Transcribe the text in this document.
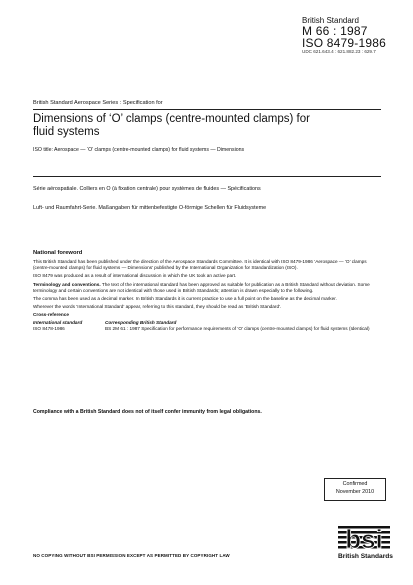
British Standard
M 66 : 1987
ISO 8479-1986
UDC 621.643.4 : 621.882.23 : 629.7
British Standard Aerospace Series : Specification for
Dimensions of ‘O’ clamps (centre-mounted clamps) for fluid systems
ISO title: Aerospace — ‘O’ clamps (centre-mounted clamps) for fluid systems — Dimensions
Série aérospatiale. Colliers en O (à fixation centrale) pour systèmes de fluides — Spécifications
Luft- und Raumfahrt-Serie. Maßangaben für mittenbefestigte O-förmige Schellen für Fluidsysteme
National foreword

This British Standard has been published under the direction of the Aerospace Standards Committee. It is identical with ISO 8479-1986 ‘Aerospace — ‘O’ clamps (centre-mounted clamps) for fluid systems — Dimensions’ published by the International Organization for Standardization (ISO).

ISO 8479 was produced as a result of international discussion in which the UK took an active part.

Terminology and conventions. The text of the international standard has been approved as suitable for publication as a British Standard without deviation. Some terminology and certain conventions are not identical with those used in British Standards; attention is drawn especially to the following.

The comma has been used as a decimal marker. In British Standards it is current practice to use a full point on the baseline as the decimal marker.

Wherever the words ‘International Standard’ appear, referring to this standard, they should be read as ‘British Standard’.

Cross-reference
International standard	Corresponding British Standard
ISO 8478-1986	BS 2M 61 : 1987 Specification for performance requirements of ‘O’ clamps (centre-mounted clamps) for fluid systems (Identical)
Compliance with a British Standard does not of itself confer immunity from legal obligations.
Confirmed
November 2010
bsi
British Standards
NO COPYING WITHOUT BSI PERMISSION EXCEPT AS PERMITTED BY COPYRIGHT LAW
